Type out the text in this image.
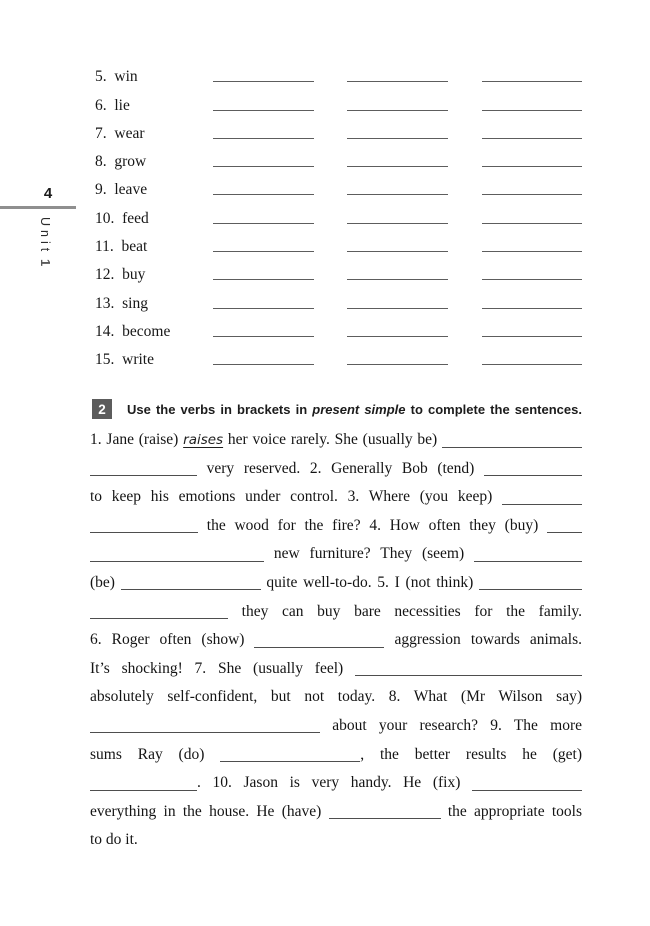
4
Unit 1
5. win
6. lie
7. wear
8. grow
9. leave
10. feed
11. beat
12. buy
13. sing
14. become
15. write
2	Use the verbs in brackets in present simple to complete the sentences.
1. Jane (raise) raises her voice rarely. She (usually be)
very reserved. 2. Generally Bob (tend)
to keep his emotions under control. 3. Where (you keep)
the wood for the fire? 4. How often they (buy)
new furniture? They (seem)
(be)	quite well-to-do. 5. I (not think)
they can buy bare necessities for the family.
6. Roger often (show)	aggression towards animals.
It’s shocking! 7. She (usually feel)
absolutely self-confident, but not today. 8. What (Mr Wilson say)
about your research? 9. The more
sums Ray (do)	, the better results he (get)
. 10. Jason is very handy. He (fix)
everything in the house. He (have)	the appropriate tools
to do it.
